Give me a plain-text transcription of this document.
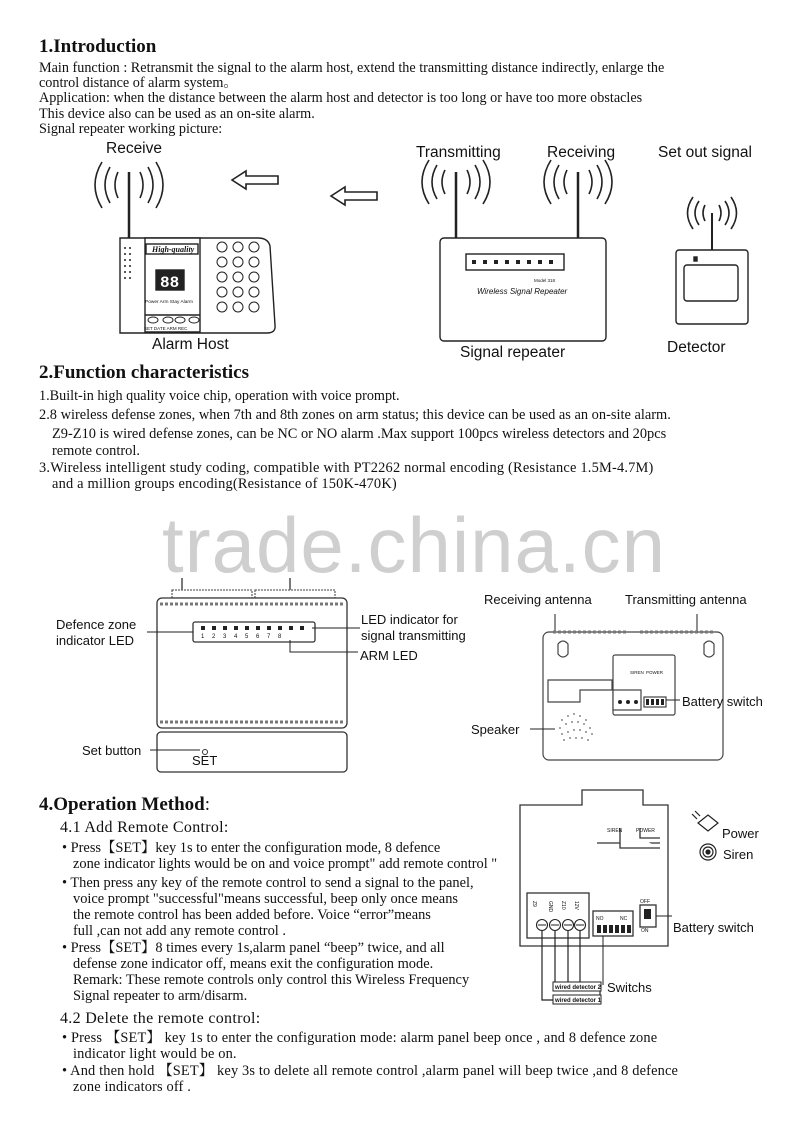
1.Introduction
Main function : Retransmit the signal to the alarm host, extend the transmitting distance indirectly, enlarge the
control distance of alarm system。
Application: when the distance between the alarm host and detector is too long or have too more obstacles
This device also can be used as an on-site alarm.
Signal repeater working picture:
Receive	Transmitting	Receiving	Set out signal
High-quality
88
Power Arm Stay Alarm
SET DATE ARM REC
Model 318
Wireless Signal Repeater
1 2 3 4 5 6 7 8
SIREN POWER
Z9 GND Z10 12V
NO	NC
OFF
ON
SIREN	POWER
wired detector 2
wired detector 1
Alarm Host	Signal repeater	Detector
2.Function characteristics
1.Built-in high quality voice chip, operation with voice prompt.
2.8 wireless defense zones, when 7th and 8th zones on arm status; this device can be used as an on-site alarm.
Z9-Z10 is wired defense zones, can be NC or NO alarm .Max support 100pcs wireless detectors and 20pcs
remote control.
3.Wireless intelligent study coding, compatible with PT2262 normal encoding (Resistance 1.5M-4.7M)
and a million groups encoding(Resistance of 150K-470K)
trade.china.cn
Defence zone
indicator LED
LED indicator for
signal transmitting
ARM LED
Set button
SET
Receiving antenna	Transmitting antenna
Battery switch
Speaker
4.Operation Method:
4.1 Add Remote Control:
• Press【SET】key 1s to enter the configuration mode, 8 defence
zone indicator lights would be on and voice prompt" add remote control "
• Then press any key of the remote control to send a signal to the panel,
voice prompt "successful"means successful, beep only once means
the remote control has been added before. Voice “error”means
full ,can not add any remote control .
• Press【SET】8 times every 1s,alarm panel “beep” twice, and all
defense zone indicator off, means exit the configuration mode.
Remark: These remote controls only control this Wireless Frequency
Signal repeater to arm/disarm.
4.2 Delete the remote control:
• Press 【SET】 key 1s to enter the configuration mode: alarm panel beep once , and 8 defence zone
indicator light would be on.
• And then hold 【SET】 key 3s to delete all remote control ,alarm panel will beep twice ,and 8 defence
zone indicators off .
Power
Siren
Battery switch
Switchs
